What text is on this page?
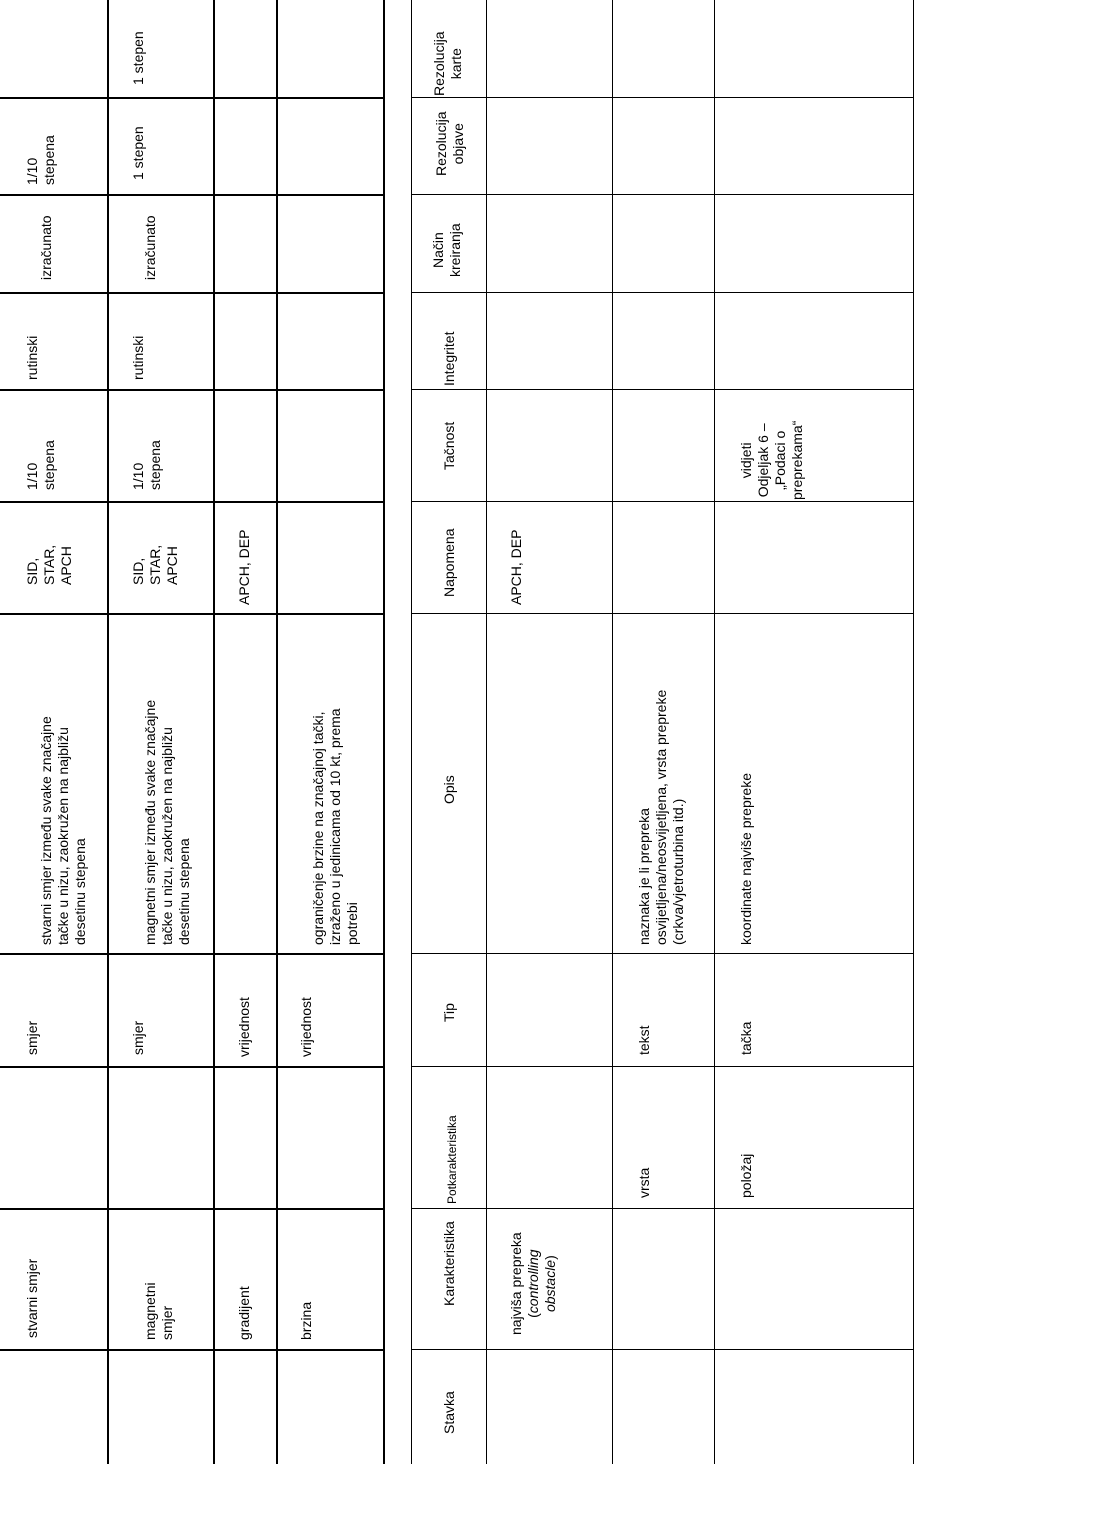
stvarni smjer
smjer
stvarni smjer između svake značajne
tačke u nizu, zaokružen na najbližu
desetinu stepena
SID,
STAR,
APCH
1/10
stepena
rutinski
izračunato
1/10
stepena
magnetni
smjer
smjer
magnetni smjer između svake značajne
tačke u nizu, zaokružen na najbližu
desetinu stepena
SID,
STAR,
APCH
1/10
stepena
rutinski
izračunato
1 stepen
1 stepen
gradijent
vrijednost
APCH, DEP
brzina
vrijednost
ograničenje brzine na značajnoj tački,
izraženo u jedinicama od 10 kt, prema
potrebi
Stavka
Karakteristika
Potkarakteristika
Tip
Opis
Napomena
Tačnost
Integritet
Način
kreiranja
Rezolucija
objave
Rezolucija
karte
najviša prepreka
(controlling
obstacle)
APCH, DEP
vrsta
tekst
naznaka je li prepreka
osvijetljena/neosvijetljena, vrsta prepreke
(crkva/vjetroturbina itd.)
položaj
tačka
koordinate najviše prepreke
vidjeti
Odjeljak 6 –
„Podaci o
preprekama“
